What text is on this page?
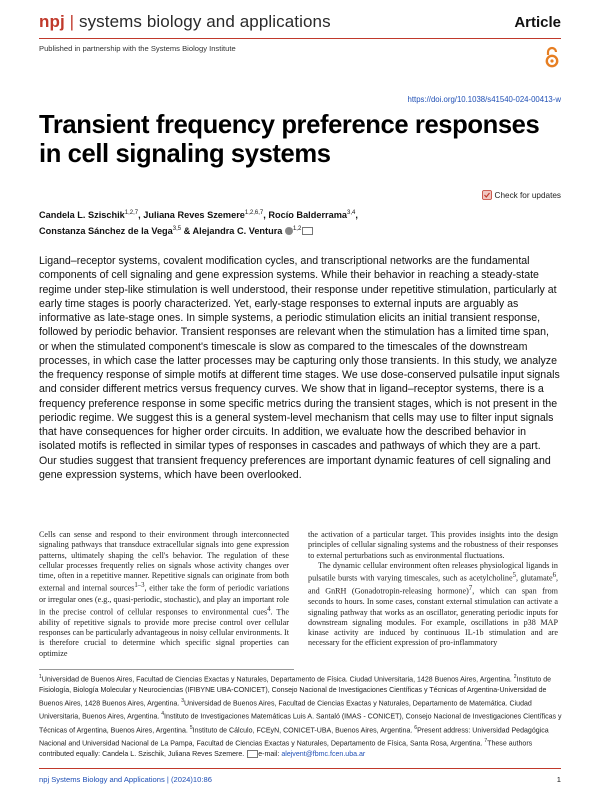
npj | systems biology and applications	Article
Published in partnership with the Systems Biology Institute
https://doi.org/10.1038/s41540-024-00413-w
Transient frequency preference responses in cell signaling systems
Check for updates
Candela L. Szischik$^{1,2,7}$, Juliana Reves Szemere$^{1,2,6,7}$, Rocío Balderrama$^{3,4}$,
Constanza Sánchez de la Vega$^{3,5}$ & Alejandra C. Ventura $^{1,2}$

Ligand–receptor systems, covalent modification cycles, and transcriptional networks are the fundamental components of cell signaling and gene expression systems. While their behavior in reaching a steady-state regime under step-like stimulation is well understood, their response under repetitive stimulation, particularly at early time stages is poorly characterized. Yet, early-stage responses to external inputs are arguably as informative as late-stage ones. In simple systems, a periodic stimulation elicits an initial transient response, followed by periodic behavior. Transient responses are relevant when the stimulation has a limited time span, or when the stimulated component's timescale is slow as compared to the timescales of the downstream processes, in which case the latter processes may be capturing only those transients. In this study, we analyze the frequency response of simple motifs at different time stages. We use dose-conserved pulsatile input signals and consider different metrics versus frequency curves. We show that in ligand–receptor systems, there is a frequency preference response in some specific metrics during the transient stages, which is not present in the periodic regime. We suggest this is a general system-level mechanism that cells may use to filter input signals that have consequences for higher order circuits. In addition, we evaluate how the described behavior in isolated motifs is reflected in similar types of responses in cascades and pathways of which they are a part. Our studies suggest that transient frequency preferences are important dynamic features of cell signaling and gene expression systems, which have been overlooked.

Cells can sense and respond to their environment through interconnected signaling pathways that transduce extracellular signals into gene expression patterns, ultimately shaping the cell's behavior. The regulation of these cellular processes frequently relies on signals whose activity changes over time, often in a repetitive manner. Repetitive signals can originate from both external and internal sources$^{1-3}$, either take the form of periodic variations or irregular ones (e.g., quasi-periodic, stochastic), and play an important role in the precise control of cellular responses to environmental cues$^4$. The ability of repetitive signals to provide more precise control over cellular responses can be particularly advantageous in noisy cellular environments. It is therefore crucial to determine which specific signal properties can optimize

the activation of a particular target. This provides insights into the design principles of cellular signaling systems and the robustness of their responses to external perturbations such as environmental fluctuations.

The dynamic cellular environment often releases physiological ligands in pulsatile bursts with varying timescales, such as acetylcholine$^5$, glutamate$^6$, and GnRH (Gonadotropin-releasing hormone)$^7$, which can span from seconds to hours. In some cases, constant external stimulation can activate a signaling pathway that works as an oscillator, generating periodic inputs for downstream signaling modules. For example, oscillations in p38 MAP kinase activity are induced by continuous IL-1b stimulation and are necessary for the efficient expression of pro-inflammatory

$^1$Universidad de Buenos Aires, Facultad de Ciencias Exactas y Naturales, Departamento de Física. Ciudad Universitaria, 1428 Buenos Aires, Argentina. $^2$Instituto de Fisiología, Biología Molecular y Neurociencias (IFIBYNE UBA-CONICET), Consejo Nacional de Investigaciones Científicas y Técnicas of Argentina-Universidad de Buenos Aires, 1428 Buenos Aires, Argentina. $^3$Universidad de Buenos Aires, Facultad de Ciencias Exactas y Naturales, Departamento de Matemática. Ciudad Universitaria, Buenos Aires, Argentina. $^4$Instituto de Investigaciones Matemáticas Luis A. Santaló (IMAS - CONICET), Consejo Nacional de Investigaciones Científicas y Técnicas of Argentina, Buenos Aires, Argentina. $^5$Instituto de Cálculo, FCEyN, CONICET-UBA, Buenos Aires, Argentina. $^6$Present address: Universidad Pedagógica Nacional and Universidad Nacional de La Pampa, Facultad de Ciencias Exactas y Naturales, Departamento de Física, Santa Rosa, Argentina. $^7$These authors contributed equally: Candela L. Szischik, Juliana Reves Szemere. e-mail: alejvent@fbmc.fcen.uba.ar

npj Systems Biology and Applications | (2024)10:86	1
